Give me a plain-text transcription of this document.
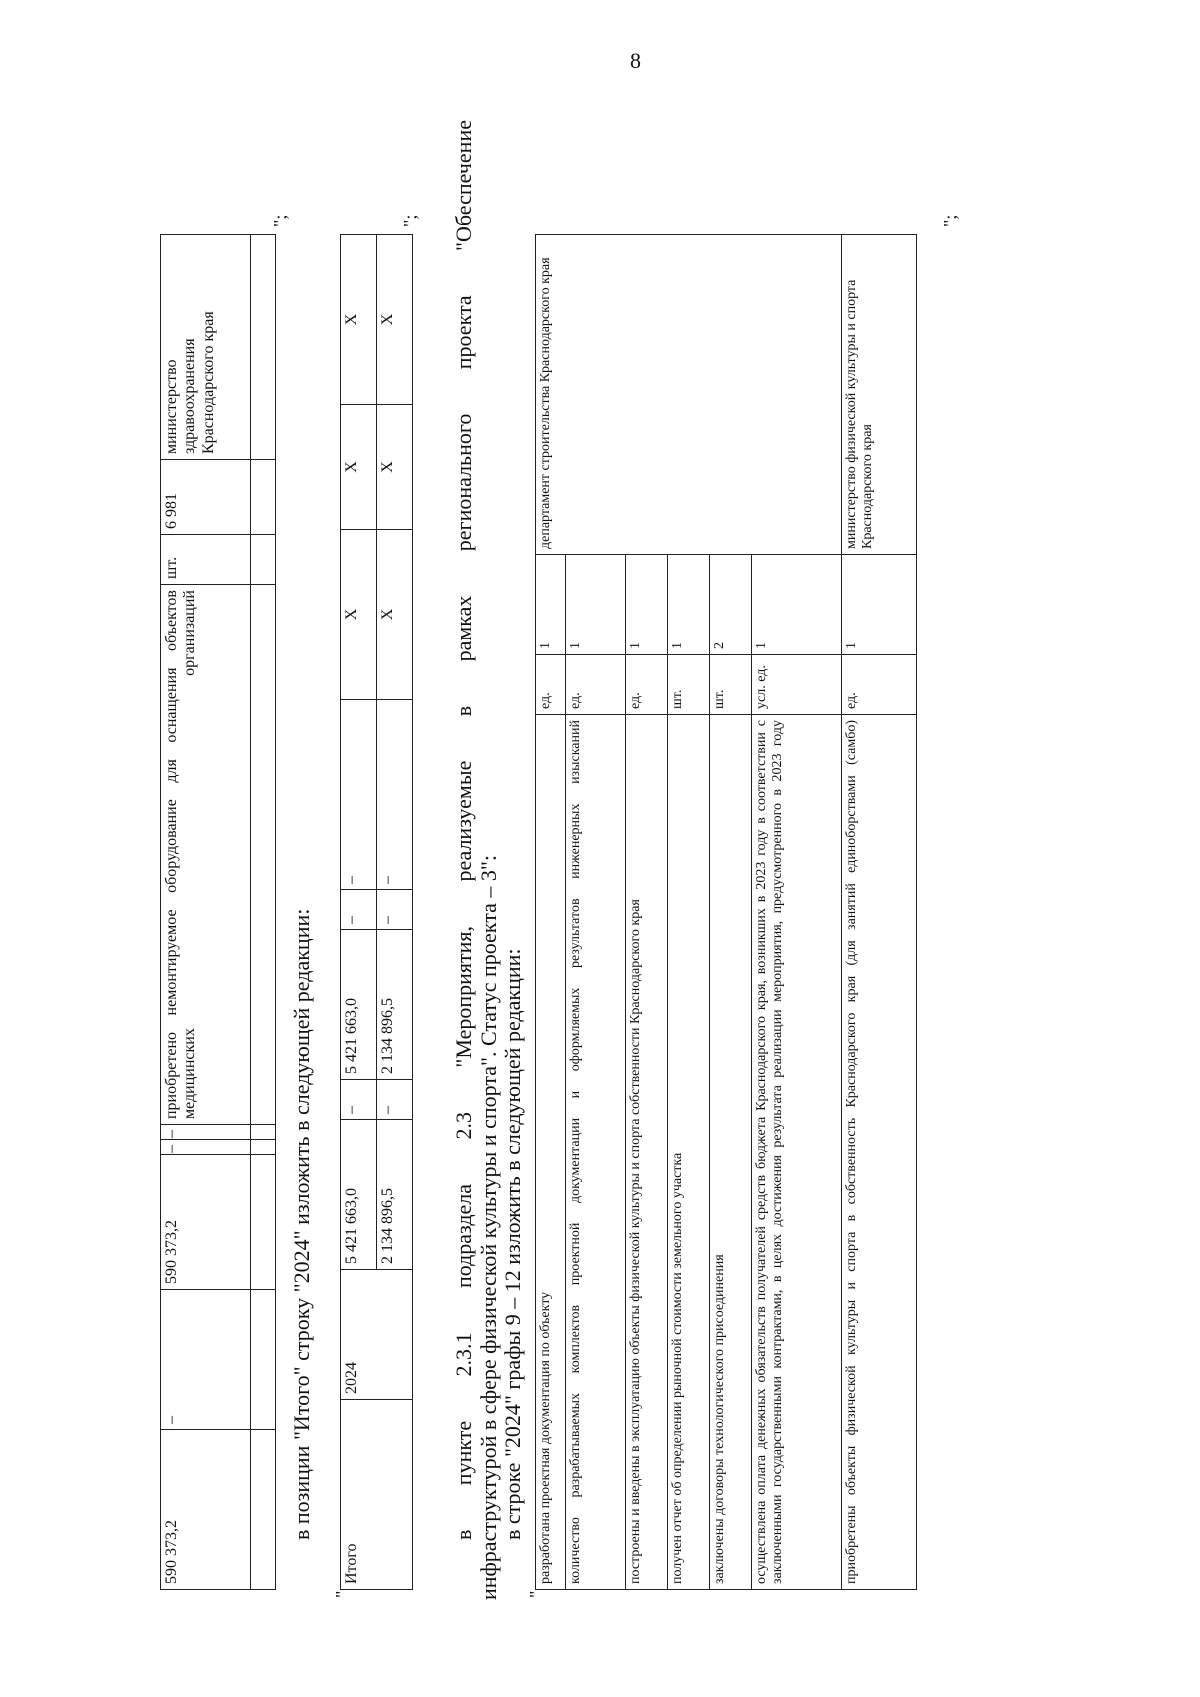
8
590 373,2	–	590 373,2	–	–	приобретено немонтируемое оборудование для оснащения объектов медицинских организаций	шт.	6 981	министерство здравоохранения Краснодарского края

";
в позиции "Итого" строку "2024" изложить в следующей редакции:
"
Итого	2024	5 421 663,0	–	5 421 663,0	–	–	X	X	X
		2 134 896,5	–	2 134 896,5	–	–	X	X	X
"; в пункте 2.3.1 подраздела 2.3 "Мероприятия, реализуемые в рамках регионального проекта "Обеспечение инфраструктурой в сфере физической культуры и спорта". Статус проекта – 3": в строке "2024" графы 9 – 12 изложить в следующей редакции:
"
разработана проектная документация по объекту	ед.	1	департамент строительства Краснодарского края
количество разрабатываемых комплектов проектной документации и оформляемых результатов инженерных изысканий	ед.	1	
построены и введены в эксплуатацию объекты физической культуры и спорта собственности Краснодарского края	ед.	1	
получен отчет об определении рыночной стоимости земельного участка	шт.	1	
заключены договоры технологического присоединения	шт.	2	
осуществлена оплата денежных обязательств получателей средств бюджета Краснодарского края, возникших в 2023 году в соответствии с заключенными государственными контрактами, в целях достижения результата реализации мероприятия, предусмотренного в 2023 году	усл. ед.	1	
приобретены объекты физической культуры и спорта в собственность Краснодарского края (для занятий единоборствами (самбо)	ед.	1	министерство физической культуры и спорта Краснодарского края
";
